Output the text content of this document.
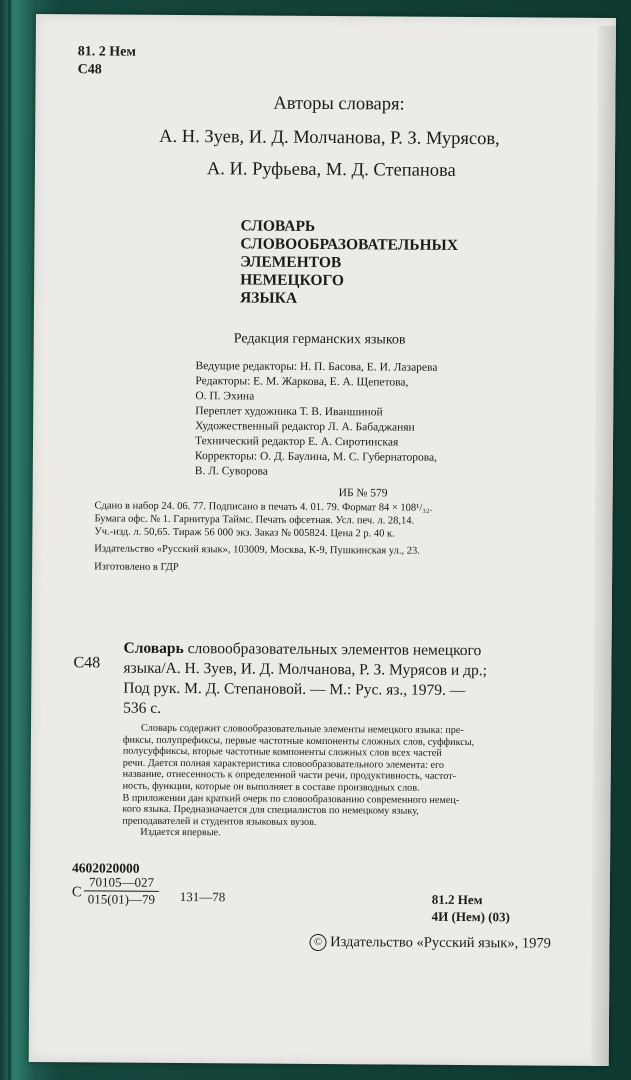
81. 2 Нем
С48
Авторы словаря:
А. Н. Зуев, И. Д. Молчанова, Р. З. Мурясов,
А. И. Руфьева, М. Д. Степанова
СЛОВАРЬ
СЛОВООБРАЗОВАТЕЛЬНЫХ
ЭЛЕМЕНТОВ
НЕМЕЦКОГО
ЯЗЫКА
Редакция германских языков
Ведущие редакторы: Н. П. Басова, Е. И. Лазарева
Редакторы: Е. М. Жаркова, Е. А. Щепетова,
О. П. Эхина
Переплет художника Т. В. Иваншиной
Художественный редактор Л. А. Бабаджанян
Технический редактор Е. А. Сиротинская
Корректоры: О. Д. Баулина, М. С. Губернаторова,
В. Л. Суворова
ИБ № 579
Сдано в набор 24. 06. 77. Подписано в печать 4. 01. 79. Формат 84 × 108¹/₃₂.
Бумага офс. № 1. Гарнитура Таймс. Печать офсетная. Усл. печ. л. 28,14.
Уч.-изд. л. 50,65. Тираж 56 000 экз. Заказ № 005824. Цена 2 р. 40 к.
Издательство «Русский язык», 103009, Москва, К-9, Пушкинская ул., 23.
Изготовлено в ГДР
С48
Словарь словообразовательных элементов немецкого
языка/А. Н. Зуев, И. Д. Молчанова, Р. З. Мурясов и др.;
Под рук. М. Д. Степановой. — М.: Рус. яз., 1979. —
536 с.
Словарь содержит словообразовательные элементы немецкого языка: пре-
фиксы, полупрефиксы, первые частотные компоненты сложных слов, суффиксы,
полусуффиксы, вторые частотные компоненты сложных слов всех частей
речи. Дается полная характеристика словообразовательного элемента: его
название, отнесенность к определенной части речи, продуктивность, частот-
ность, функции, которые он выполняет в составе производных слов.
В приложении дан краткий очерк по словообразованию современного немец-
кого языка. Предназначается для специалистов по немецкому языку,
преподавателей и студентов языковых вузов.
Издается впервые.
4602020000
С
70105—027
015(01)—79	131—78	81.2 Нем
4И (Нем) (03)
© Издательство «Русский язык», 1979
